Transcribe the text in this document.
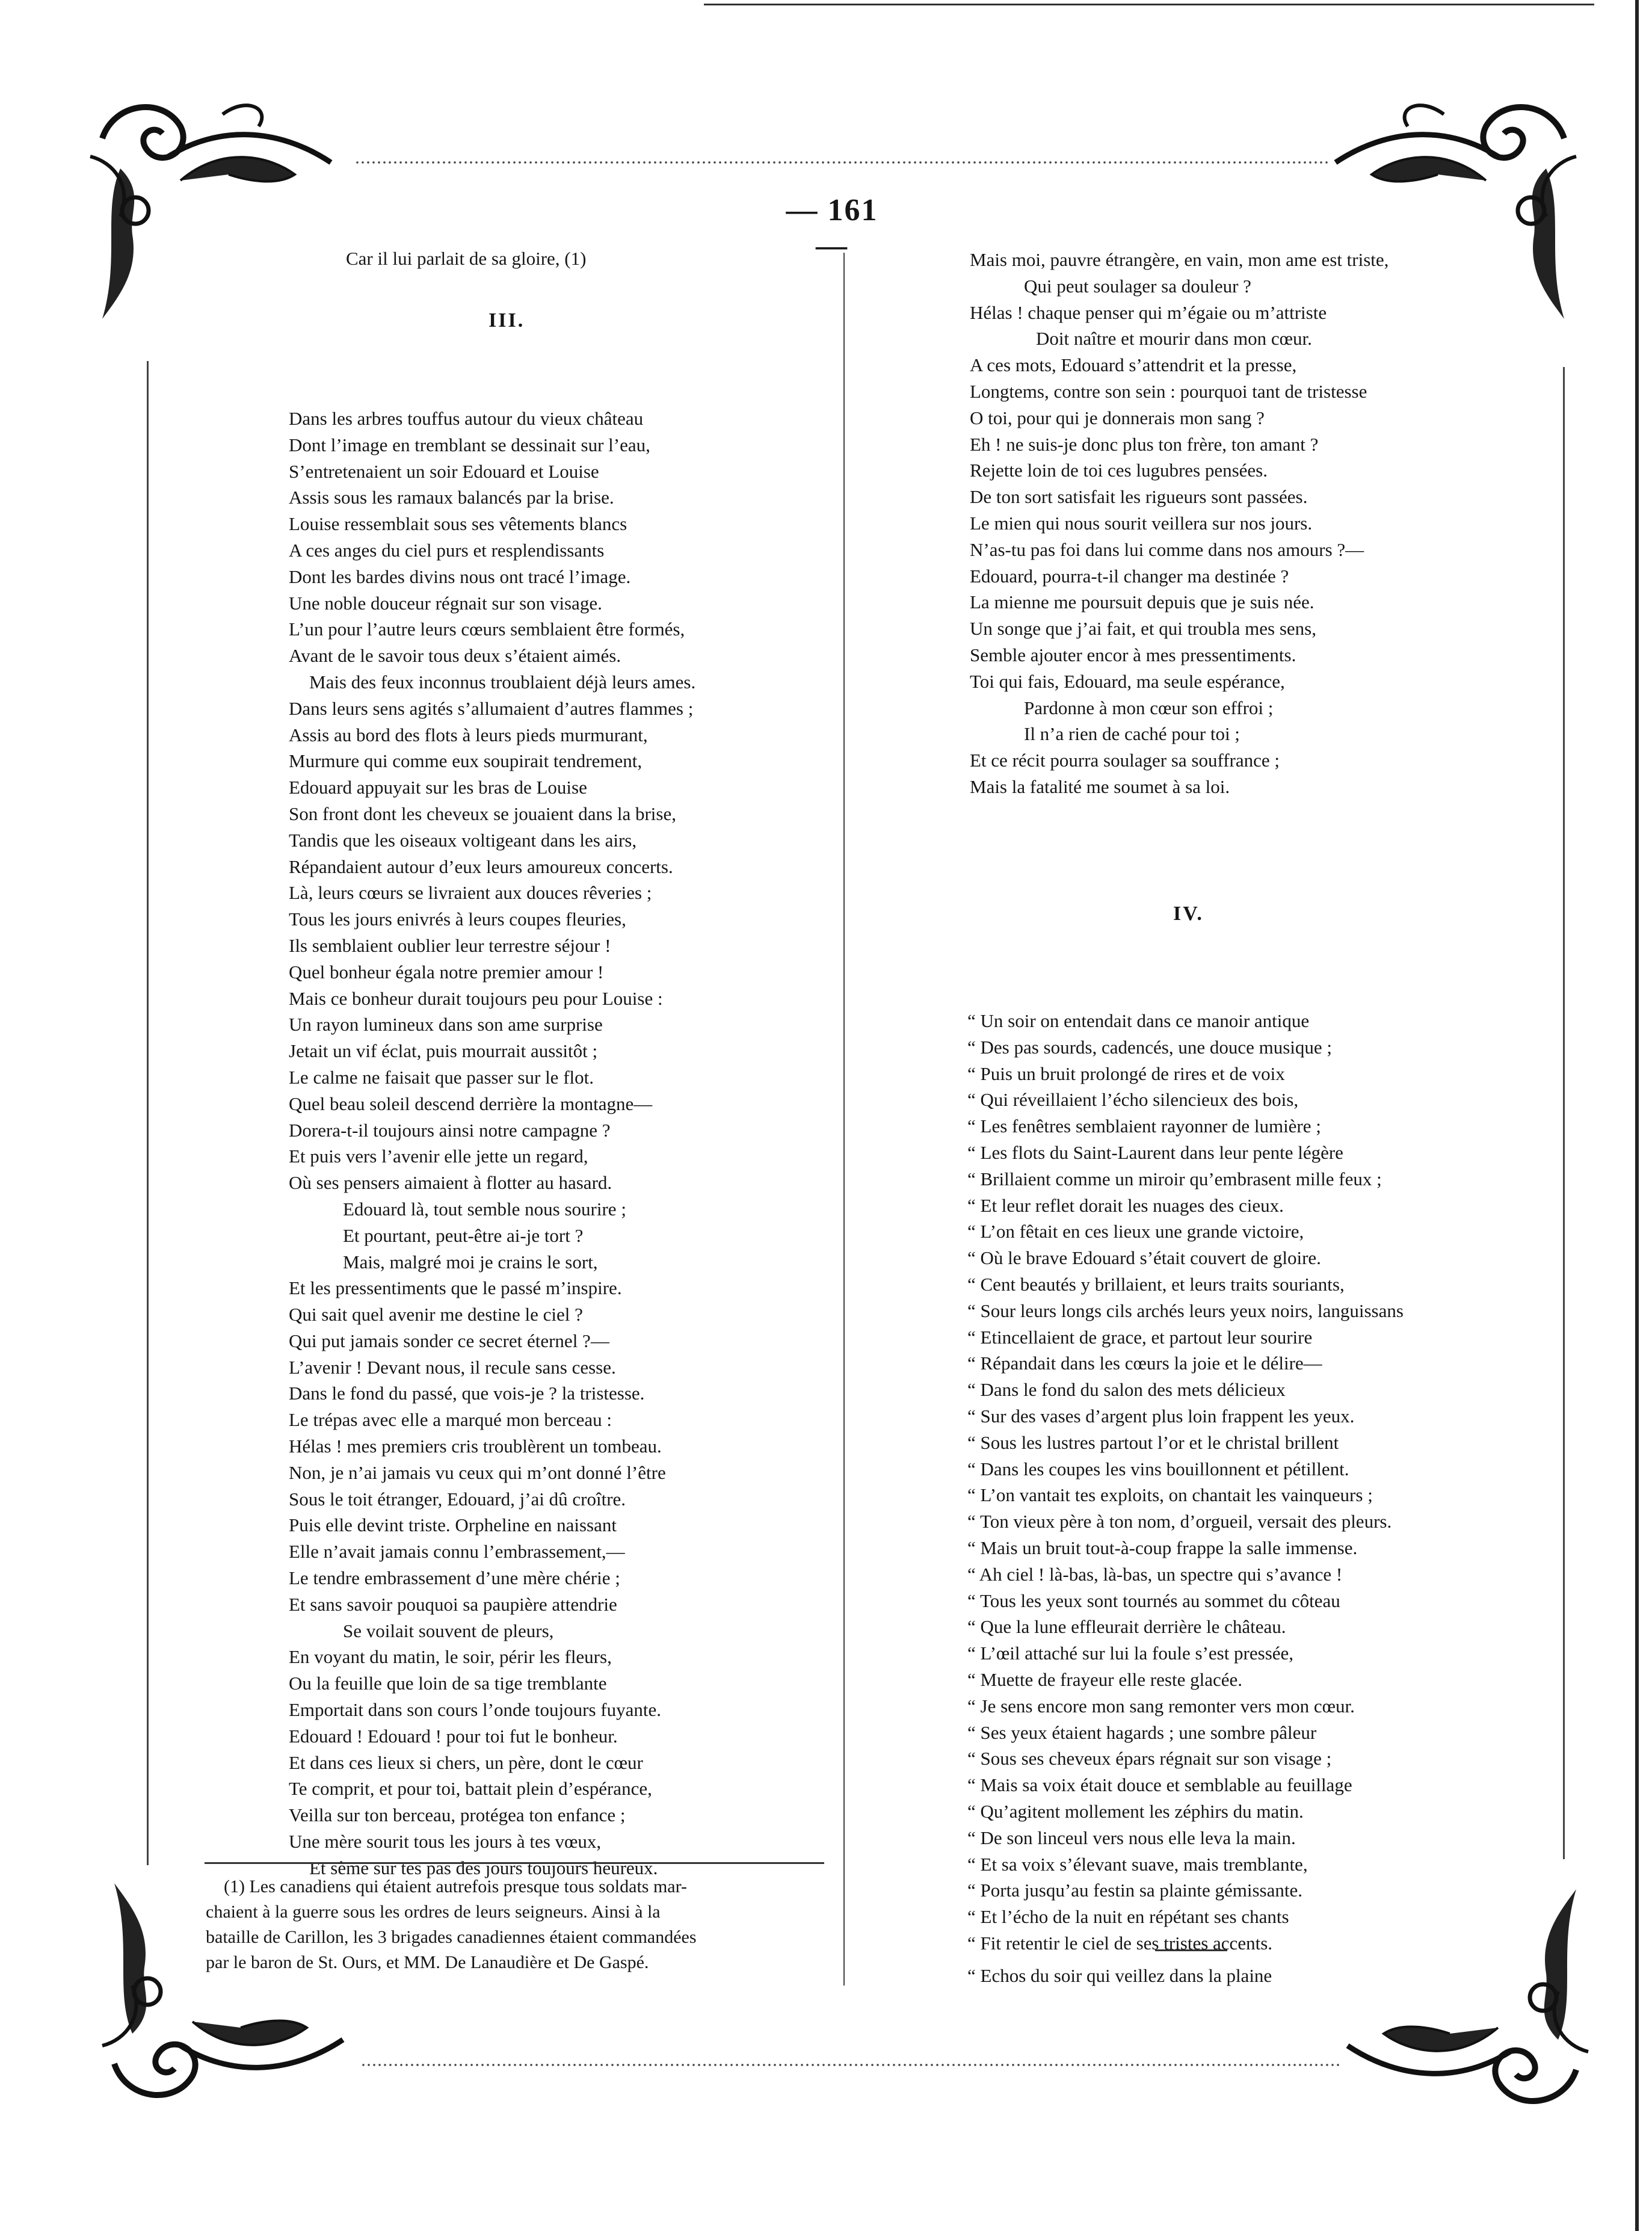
— 161 —
Car il lui parlait de sa gloire, (1)
III.
Dans les arbres touffus autour du vieux château
Dont l’image en tremblant se dessinait sur l’eau,
S’entretenaient un soir Edouard et Louise
Assis sous les ramaux balancés par la brise.
Louise ressemblait sous ses vêtements blancs
A ces anges du ciel purs et resplendissants
Dont les bardes divins nous ont tracé l’image.
Une noble douceur régnait sur son visage.
L’un pour l’autre leurs cœurs semblaient être formés,
Avant de le savoir tous deux s’étaient aimés.
Mais des feux inconnus troublaient déjà leurs ames.
Dans leurs sens agités s’allumaient d’autres flammes ;
Assis au bord des flots à leurs pieds murmurant,
Murmure qui comme eux soupirait tendrement,
Edouard appuyait sur les bras de Louise
Son front dont les cheveux se jouaient dans la brise,
Tandis que les oiseaux voltigeant dans les airs,
Répandaient autour d’eux leurs amoureux concerts.
Là, leurs cœurs se livraient aux douces rêveries ;
Tous les jours enivrés à leurs coupes fleuries,
Ils semblaient oublier leur terrestre séjour !
Quel bonheur égala notre premier amour !
Mais ce bonheur durait toujours peu pour Louise :
Un rayon lumineux dans son ame surprise
Jetait un vif éclat, puis mourrait aussitôt ;
Le calme ne faisait que passer sur le flot.
Quel beau soleil descend derrière la montagne—
Dorera-t-il toujours ainsi notre campagne ?
Et puis vers l’avenir elle jette un regard,
Où ses pensers aimaient à flotter au hasard.
Edouard là, tout semble nous sourire ;
Et pourtant, peut-être ai-je tort ?
Mais, malgré moi je crains le sort,
Et les pressentiments que le passé m’inspire.
Qui sait quel avenir me destine le ciel ?
Qui put jamais sonder ce secret éternel ?—
L’avenir ! Devant nous, il recule sans cesse.
Dans le fond du passé, que vois-je ? la tristesse.
Le trépas avec elle a marqué mon berceau :
Hélas ! mes premiers cris troublèrent un tombeau.
Non, je n’ai jamais vu ceux qui m’ont donné l’être
Sous le toit étranger, Edouard, j’ai dû croître.
Puis elle devint triste. Orpheline en naissant
Elle n’avait jamais connu l’embrassement,—
Le tendre embrassement d’une mère chérie ;
Et sans savoir pouquoi sa paupière attendrie
Se voilait souvent de pleurs,
En voyant du matin, le soir, périr les fleurs,
Ou la feuille que loin de sa tige tremblante
Emportait dans son cours l’onde toujours fuyante.
Edouard ! Edouard ! pour toi fut le bonheur.
Et dans ces lieux si chers, un père, dont le cœur
Te comprit, et pour toi, battait plein d’espérance,
Veilla sur ton berceau, protégea ton enfance ;
Une mère sourit tous les jours à tes vœux,
Et sème sur tes pas des jours toujours heureux.
(1) Les canadiens qui étaient autrefois presque tous soldats mar-
chaient à la guerre sous les ordres de leurs seigneurs. Ainsi à la
bataille de Carillon, les 3 brigades canadiennes étaient commandées
par le baron de St. Ours, et MM. De Lanaudière et De Gaspé.
Mais moi, pauvre étrangère, en vain, mon ame est triste,
Qui peut soulager sa douleur ?
Hélas ! chaque penser qui m’égaie ou m’attriste
Doit naître et mourir dans mon cœur.
A ces mots, Edouard s’attendrit et la presse,
Longtems, contre son sein : pourquoi tant de tristesse
O toi, pour qui je donnerais mon sang ?
Eh ! ne suis-je donc plus ton frère, ton amant ?
Rejette loin de toi ces lugubres pensées.
De ton sort satisfait les rigueurs sont passées.
Le mien qui nous sourit veillera sur nos jours.
N’as-tu pas foi dans lui comme dans nos amours ?—
Edouard, pourra-t-il changer ma destinée ?
La mienne me poursuit depuis que je suis née.
Un songe que j’ai fait, et qui troubla mes sens,
Semble ajouter encor à mes pressentiments.
Toi qui fais, Edouard, ma seule espérance,
Pardonne à mon cœur son effroi ;
Il n’a rien de caché pour toi ;
Et ce récit pourra soulager sa souffrance ;
Mais la fatalité me soumet à sa loi.
IV.
“ Un soir on entendait dans ce manoir antique
“ Des pas sourds, cadencés, une douce musique ;
“ Puis un bruit prolongé de rires et de voix
“ Qui réveillaient l’écho silencieux des bois,
“ Les fenêtres semblaient rayonner de lumière ;
“ Les flots du Saint-Laurent dans leur pente légère
“ Brillaient comme un miroir qu’embrasent mille feux ;
“ Et leur reflet dorait les nuages des cieux.
“ L’on fêtait en ces lieux une grande victoire,
“ Où le brave Edouard s’était couvert de gloire.
“ Cent beautés y brillaient, et leurs traits souriants,
“ Sour leurs longs cils archés leurs yeux noirs, languissans
“ Etincellaient de grace, et partout leur sourire
“ Répandait dans les cœurs la joie et le délire—
“ Dans le fond du salon des mets délicieux
“ Sur des vases d’argent plus loin frappent les yeux.
“ Sous les lustres partout l’or et le christal brillent
“ Dans les coupes les vins bouillonnent et pétillent.
“ L’on vantait tes exploits, on chantait les vainqueurs ;
“ Ton vieux père à ton nom, d’orgueil, versait des pleurs.
“ Mais un bruit tout-à-coup frappe la salle immense.
“ Ah ciel ! là-bas, là-bas, un spectre qui s’avance !
“ Tous les yeux sont tournés au sommet du côteau
“ Que la lune effleurait derrière le château.
“ L’œil attaché sur lui la foule s’est pressée,
“ Muette de frayeur elle reste glacée.
“ Je sens encore mon sang remonter vers mon cœur.
“ Ses yeux étaient hagards ; une sombre pâleur
“ Sous ses cheveux épars régnait sur son visage ;
“ Mais sa voix était douce et semblable au feuillage
“ Qu’agitent mollement les zéphirs du matin.
“ De son linceul vers nous elle leva la main.
“ Et sa voix s’élevant suave, mais tremblante,
“ Porta jusqu’au festin sa plainte gémissante.
“ Et l’écho de la nuit en répétant ses chants
“ Fit retentir le ciel de ses tristes accents.
“ Echos du soir qui veillez dans la plaine
